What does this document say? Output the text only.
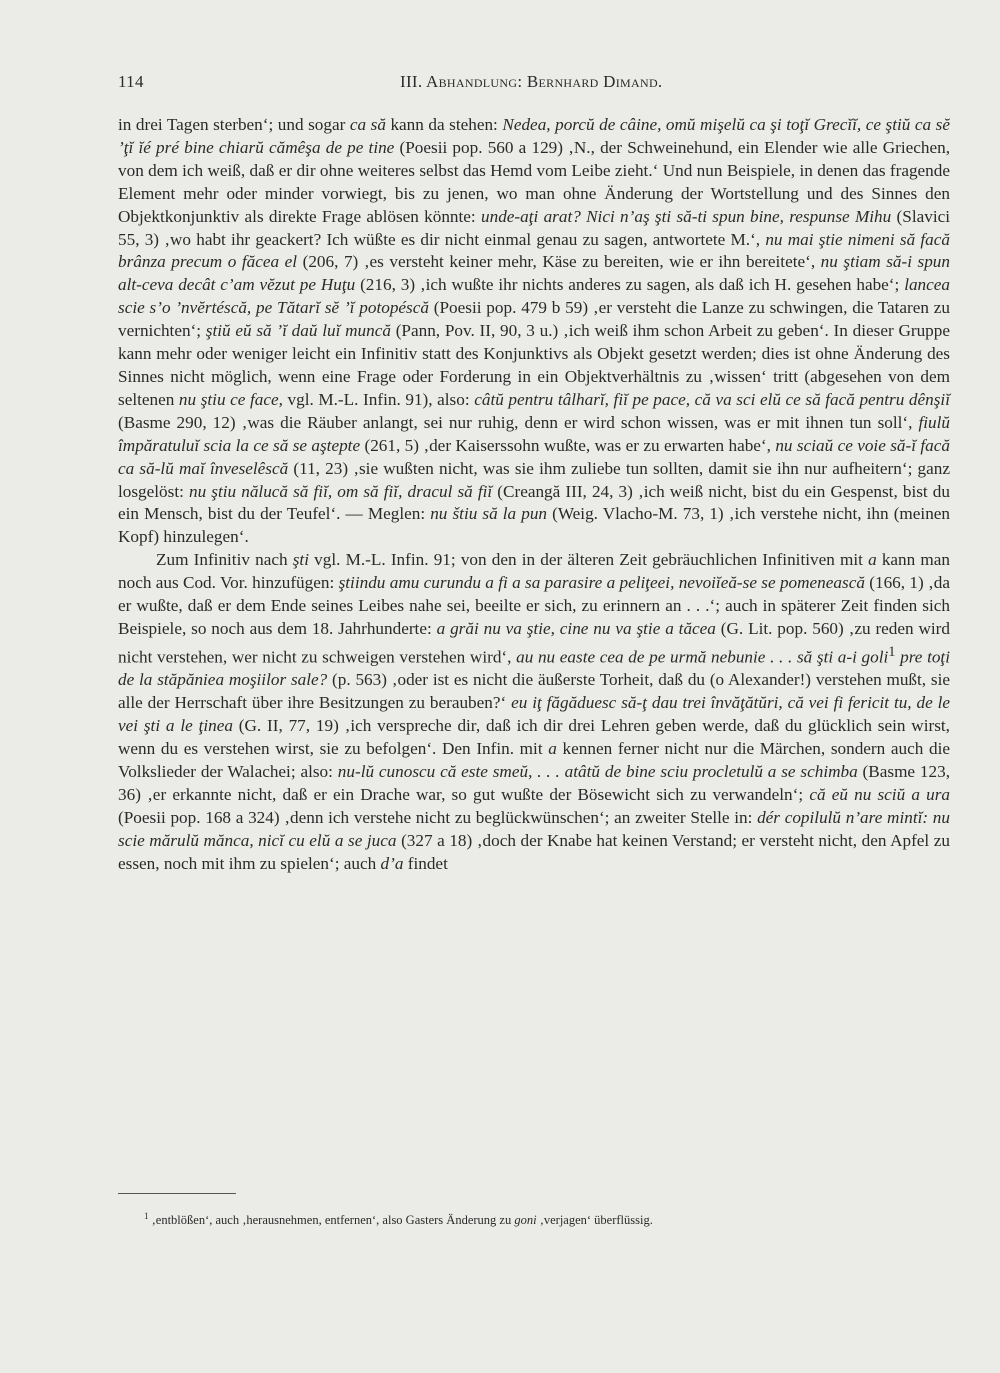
114	III. Abhandlung: Bernhard Dimand.

in drei Tagen sterben‘; und sogar ca să kann da stehen: Nedea, porcŭ de câine, omŭ mişelŭ ca şi toţĭ Grecĭĭ, ce ştiŭ ca sĕ ’ţĭ ĭé pré bine chiarŭ cămêşa de pe tine (Poesii pop. 560 a 129) ‚N., der Schweinehund, ein Elender wie alle Griechen, von dem ich weiß, daß er dir ohne weiteres selbst das Hemd vom Leibe zieht.‘ Und nun Beispiele, in denen das fragende Element mehr oder minder vorwiegt, bis zu jenen, wo man ohne Änderung der Wortstellung und des Sinnes den Objektkonjunktiv als direkte Frage ablösen könnte: unde-aţi arat? Nici n’aş şti să-ti spun bine, respunse Mihu (Slavici 55, 3) ‚wo habt ihr geackert? Ich wüßte es dir nicht einmal genau zu sagen, antwortete M.‘, nu mai ştie nimeni să facă brânza precum o făcea el (206, 7) ‚es versteht keiner mehr, Käse zu bereiten, wie er ihn bereitete‘, nu ştiam să-i spun alt-ceva decât c’am vĕzut pe Huţu (216, 3) ‚ich wußte ihr nichts anderes zu sagen, als daß ich H. gesehen habe‘; lancea scie s’o ’nvĕrtéscă, pe Tătarĭ sĕ ’ĭ potopéscă (Poesii pop. 479 b 59) ‚er versteht die Lanze zu schwingen, die Tataren zu vernichten‘; ştiŭ eŭ să ’ĭ daŭ luĭ muncă (Pann, Pov. II, 90, 3 u.) ‚ich weiß ihm schon Arbeit zu geben‘. In dieser Gruppe kann mehr oder weniger leicht ein Infinitiv statt des Konjunktivs als Objekt gesetzt werden; dies ist ohne Änderung des Sinnes nicht möglich, wenn eine Frage oder Forderung in ein Objektverhältnis zu ‚wissen‘ tritt (abgesehen von dem seltenen nu ştiu ce face, vgl. M.-L. Infin. 91), also: câtŭ pentru tâlharĭ, fiĭ pe pace, că va sci elŭ ce să facă pentru dênşiĭ (Basme 290, 12) ‚was die Räuber anlangt, sei nur ruhig, denn er wird schon wissen, was er mit ihnen tun soll‘, fiulŭ împăratuluĭ scia la ce să se aştepte (261, 5) ‚der Kaiserssohn wußte, was er zu erwarten habe‘, nu sciaŭ ce voie să-ĭ facă ca să-lŭ maĭ înveselêscă (11, 23) ‚sie wußten nicht, was sie ihm zuliebe tun sollten, damit sie ihn nur aufheitern‘; ganz losgelöst: nu ştiu nălucă să fiĭ, om să fiĭ, dracul să fiĭ (Creangă III, 24, 3) ‚ich weiß nicht, bist du ein Gespenst, bist du ein Mensch, bist du der Teufel‘. — Meglen: nu štiu să la pun (Weig. Vlacho-M. 73, 1) ‚ich verstehe nicht, ihn (meinen Kopf) hinzulegen‘.

Zum Infinitiv nach şti vgl. M.-L. Infin. 91; von den in der älteren Zeit gebräuchlichen Infinitiven mit a kann man noch aus Cod. Vor. hinzufügen: ştiindu amu curundu a fi a sa parasire a peliţeei, nevoiĭeă-se se pomenească (166, 1) ‚da er wußte, daß er dem Ende seines Leibes nahe sei, beeilte er sich, zu erinnern an . . .‘; auch in späterer Zeit finden sich Beispiele, so noch aus dem 18. Jahrhunderte: a grăi nu va ştie, cine nu va ştie a tăcea (G. Lit. pop. 560) ‚zu reden wird nicht verstehen, wer nicht zu schweigen verstehen wird‘, au nu easte cea de pe urmă nebunie . . . să şti a-i goli$^1$ pre toţi de la stăpăniea moşiilor sale? (p. 563) ‚oder ist es nicht die äußerste Torheit, daß du (o Alexander!) verstehen mußt, sie alle der Herrschaft über ihre Besitzungen zu berauben?‘ eu iţ făgăduesc să-ţ dau trei învăţătŭri, că vei fi fericit tu, de le vei şti a le ţinea (G. II, 77, 19) ‚ich verspreche dir, daß ich dir drei Lehren geben werde, daß du glücklich sein wirst, wenn du es verstehen wirst, sie zu befolgen‘. Den Infin. mit a kennen ferner nicht nur die Märchen, sondern auch die Volkslieder der Walachei; also: nu-lŭ cunoscu că este smeŭ, . . . atâtŭ de bine sciu procletulŭ a se schimba (Basme 123, 36) ‚er erkannte nicht, daß er ein Drache war, so gut wußte der Bösewicht sich zu verwandeln‘; că eŭ nu sciŭ a ura (Poesii pop. 168 a 324) ‚denn ich verstehe nicht zu beglückwünschen‘; an zweiter Stelle in: dér copilulŭ n’are mintĭ: nu scie mărulŭ mănca, nicĭ cu elŭ a se juca (327 a 18) ‚doch der Knabe hat keinen Verstand; er versteht nicht, den Apfel zu essen, noch mit ihm zu spielen‘; auch d’a findet

$^1$ ‚entblößen‘, auch ‚herausnehmen, entfernen‘, also Gasters Änderung zu goni ‚verjagen‘ überflüssig.
